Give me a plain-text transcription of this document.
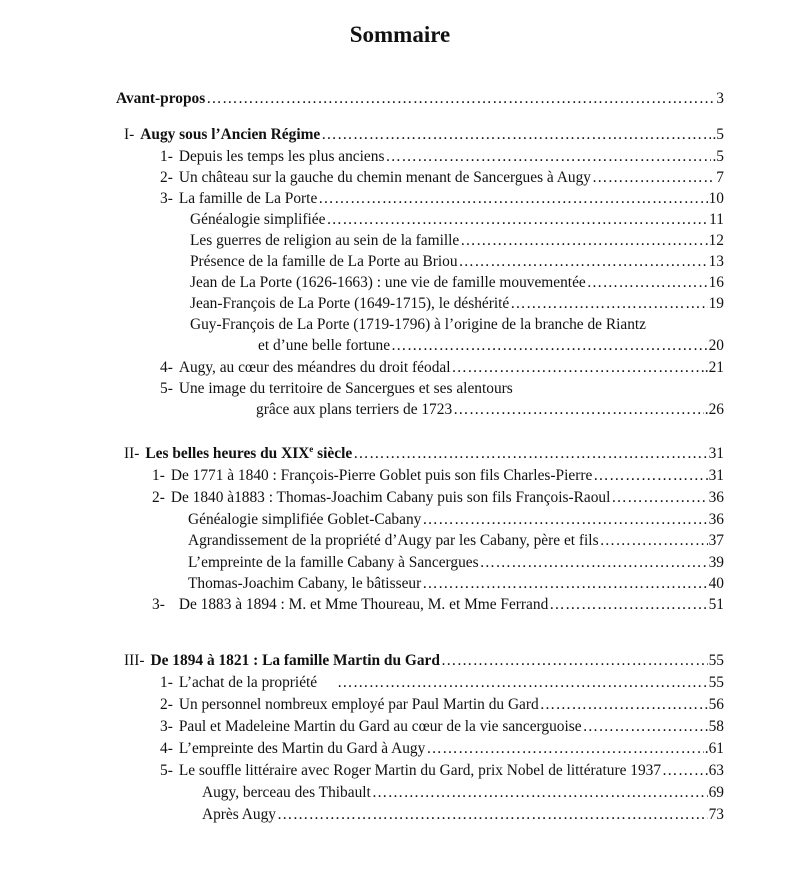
Sommaire
Avant-propos ……………………………………………………………………………………………………………………………………………………………………………………………………	3
I- Augy sous l’Ancien Régime ……………………………………………………………………………………………………………………………………………………………………………………………………	.5
1- Depuis les temps les plus anciens ……………………………………………………………………………………………………………………………………………………………………………………………………	.5
2- Un château sur la gauche du chemin menant de Sancergues à Augy ……………………………………………………………………………………………………………………………………………………………………………………………………	7
3- La famille de La Porte ……………………………………………………………………………………………………………………………………………………………………………………………………	10
Généalogie simplifiée ……………………………………………………………………………………………………………………………………………………………………………………………………	11
Les guerres de religion au sein de la famille ……………………………………………………………………………………………………………………………………………………………………………………………………	.12
Présence de la famille de La Porte au Briou ……………………………………………………………………………………………………………………………………………………………………………………………………	13
Jean de La Porte (1626-1663) : une vie de famille mouvementée ……………………………………………………………………………………………………………………………………………………………………………………………………	16
Jean-François de La Porte (1649-1715), le déshérité ……………………………………………………………………………………………………………………………………………………………………………………………………	19
Guy-François de La Porte (1719-1796) à l’origine de la branche de Riantz
et d’une belle fortune ……………………………………………………………………………………………………………………………………………………………………………………………………	20
4- Augy, au cœur des méandres du droit féodal ……………………………………………………………………………………………………………………………………………………………………………………………………	.21
5- Une image du territoire de Sancergues et ses alentours
grâce aux plans terriers de 1723 ……………………………………………………………………………………………………………………………………………………………………………………………………	.26
II- Les belles heures du XIXe siècle ……………………………………………………………………………………………………………………………………………………………………………………………………	31
1- De 1771 à 1840 : François-Pierre Goblet puis son fils Charles-Pierre ……………………………………………………………………………………………………………………………………………………………………………………………………	31
2- De 1840 à1883 : Thomas-Joachim Cabany puis son fils François-Raoul ……………………………………………………………………………………………………………………………………………………………………………………………………	36
Généalogie simplifiée Goblet-Cabany ……………………………………………………………………………………………………………………………………………………………………………………………………	36
Agrandissement de la propriété d’Augy par les Cabany, père et fils ……………………………………………………………………………………………………………………………………………………………………………………………………	37
L’empreinte de la famille Cabany à Sancergues ……………………………………………………………………………………………………………………………………………………………………………………………………	39
Thomas-Joachim Cabany, le bâtisseur ……………………………………………………………………………………………………………………………………………………………………………………………………	40
3- De 1883 à 1894 : M. et Mme Thoureau, M. et Mme Ferrand ……………………………………………………………………………………………………………………………………………………………………………………………………	51
III- De 1894 à 1821 : La famille Martin du Gard ……………………………………………………………………………………………………………………………………………………………………………………………………	55
1- L’achat de la propriété ……………………………………………………………………………………………………………………………………………………………………………………………………	55
2- Un personnel nombreux employé par Paul Martin du Gard ……………………………………………………………………………………………………………………………………………………………………………………………………	56
3- Paul et Madeleine Martin du Gard au cœur de la vie sancerguoise ……………………………………………………………………………………………………………………………………………………………………………………………………	58
4- L’empreinte des Martin du Gard à Augy ……………………………………………………………………………………………………………………………………………………………………………………………………	.61
5- Le souffle littéraire avec Roger Martin du Gard, prix Nobel de littérature 1937 ……………………………………………………………………………………………………………………………………………………………………………………………………	.63
Augy, berceau des Thibault ……………………………………………………………………………………………………………………………………………………………………………………………………	69
Après Augy ……………………………………………………………………………………………………………………………………………………………………………………………………	73
